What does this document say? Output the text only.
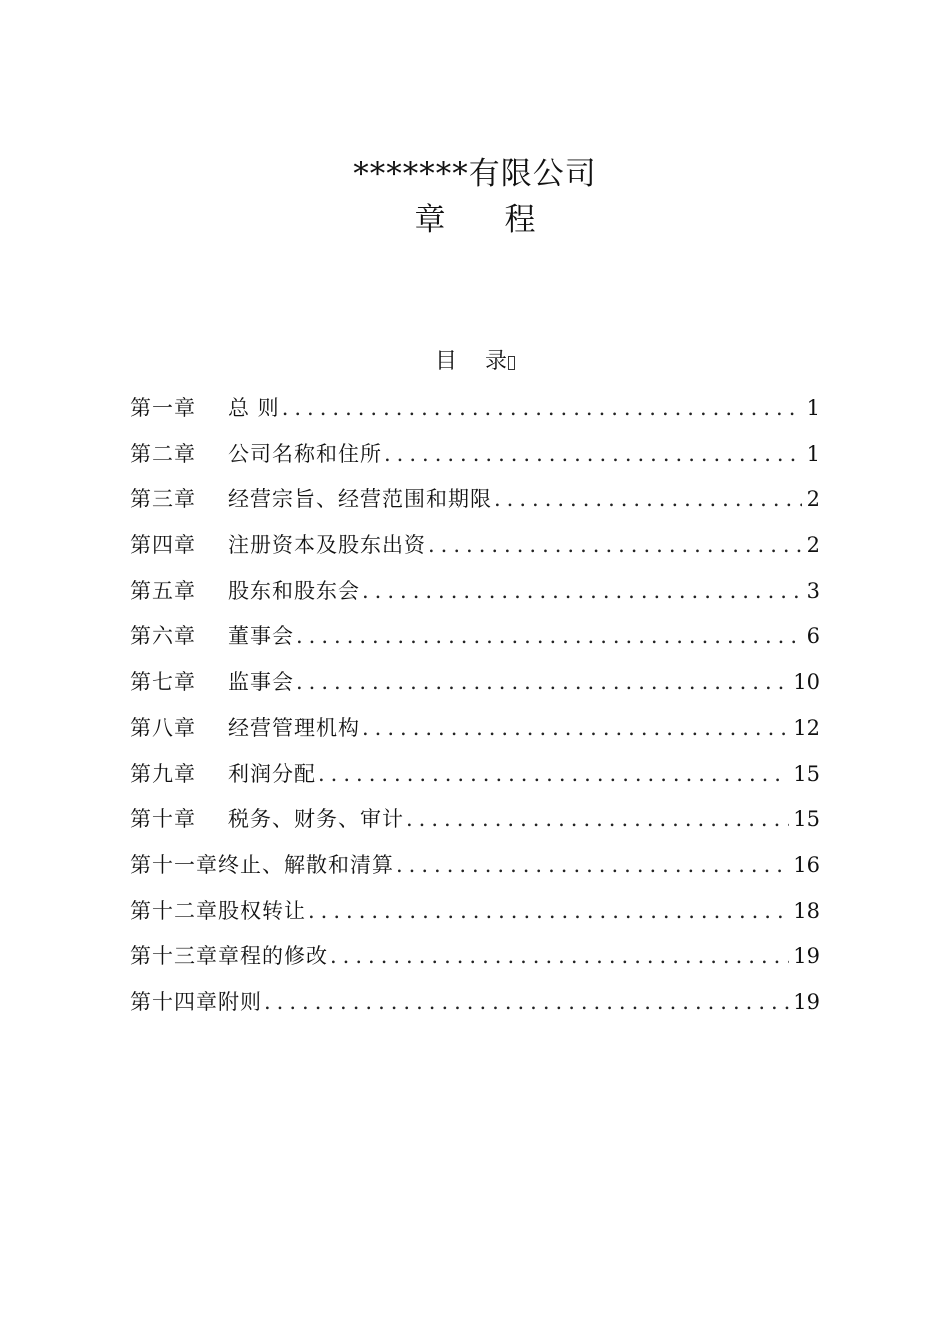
*******有限公司
章      程
目    录
第一章	总 则 .....	1
第二章	公司名称和住所 .....	1
第三章	经营宗旨、经营范围和期限 .....	2
第四章	注册资本及股东出资 .....	2
第五章	股东和股东会 .....	3
第六章	董事会 .....	6
第七章	监事会 .....	10
第八章	经营管理机构 .....	12
第九章	利润分配 .....	15
第十章	税务、财务、审计 .....	15
第十一章 终止、解散和清算 .....	16
第十二章 股权转让 .....	18
第十三章 章程的修改 .....	19
第十四章 附则 .....	19
